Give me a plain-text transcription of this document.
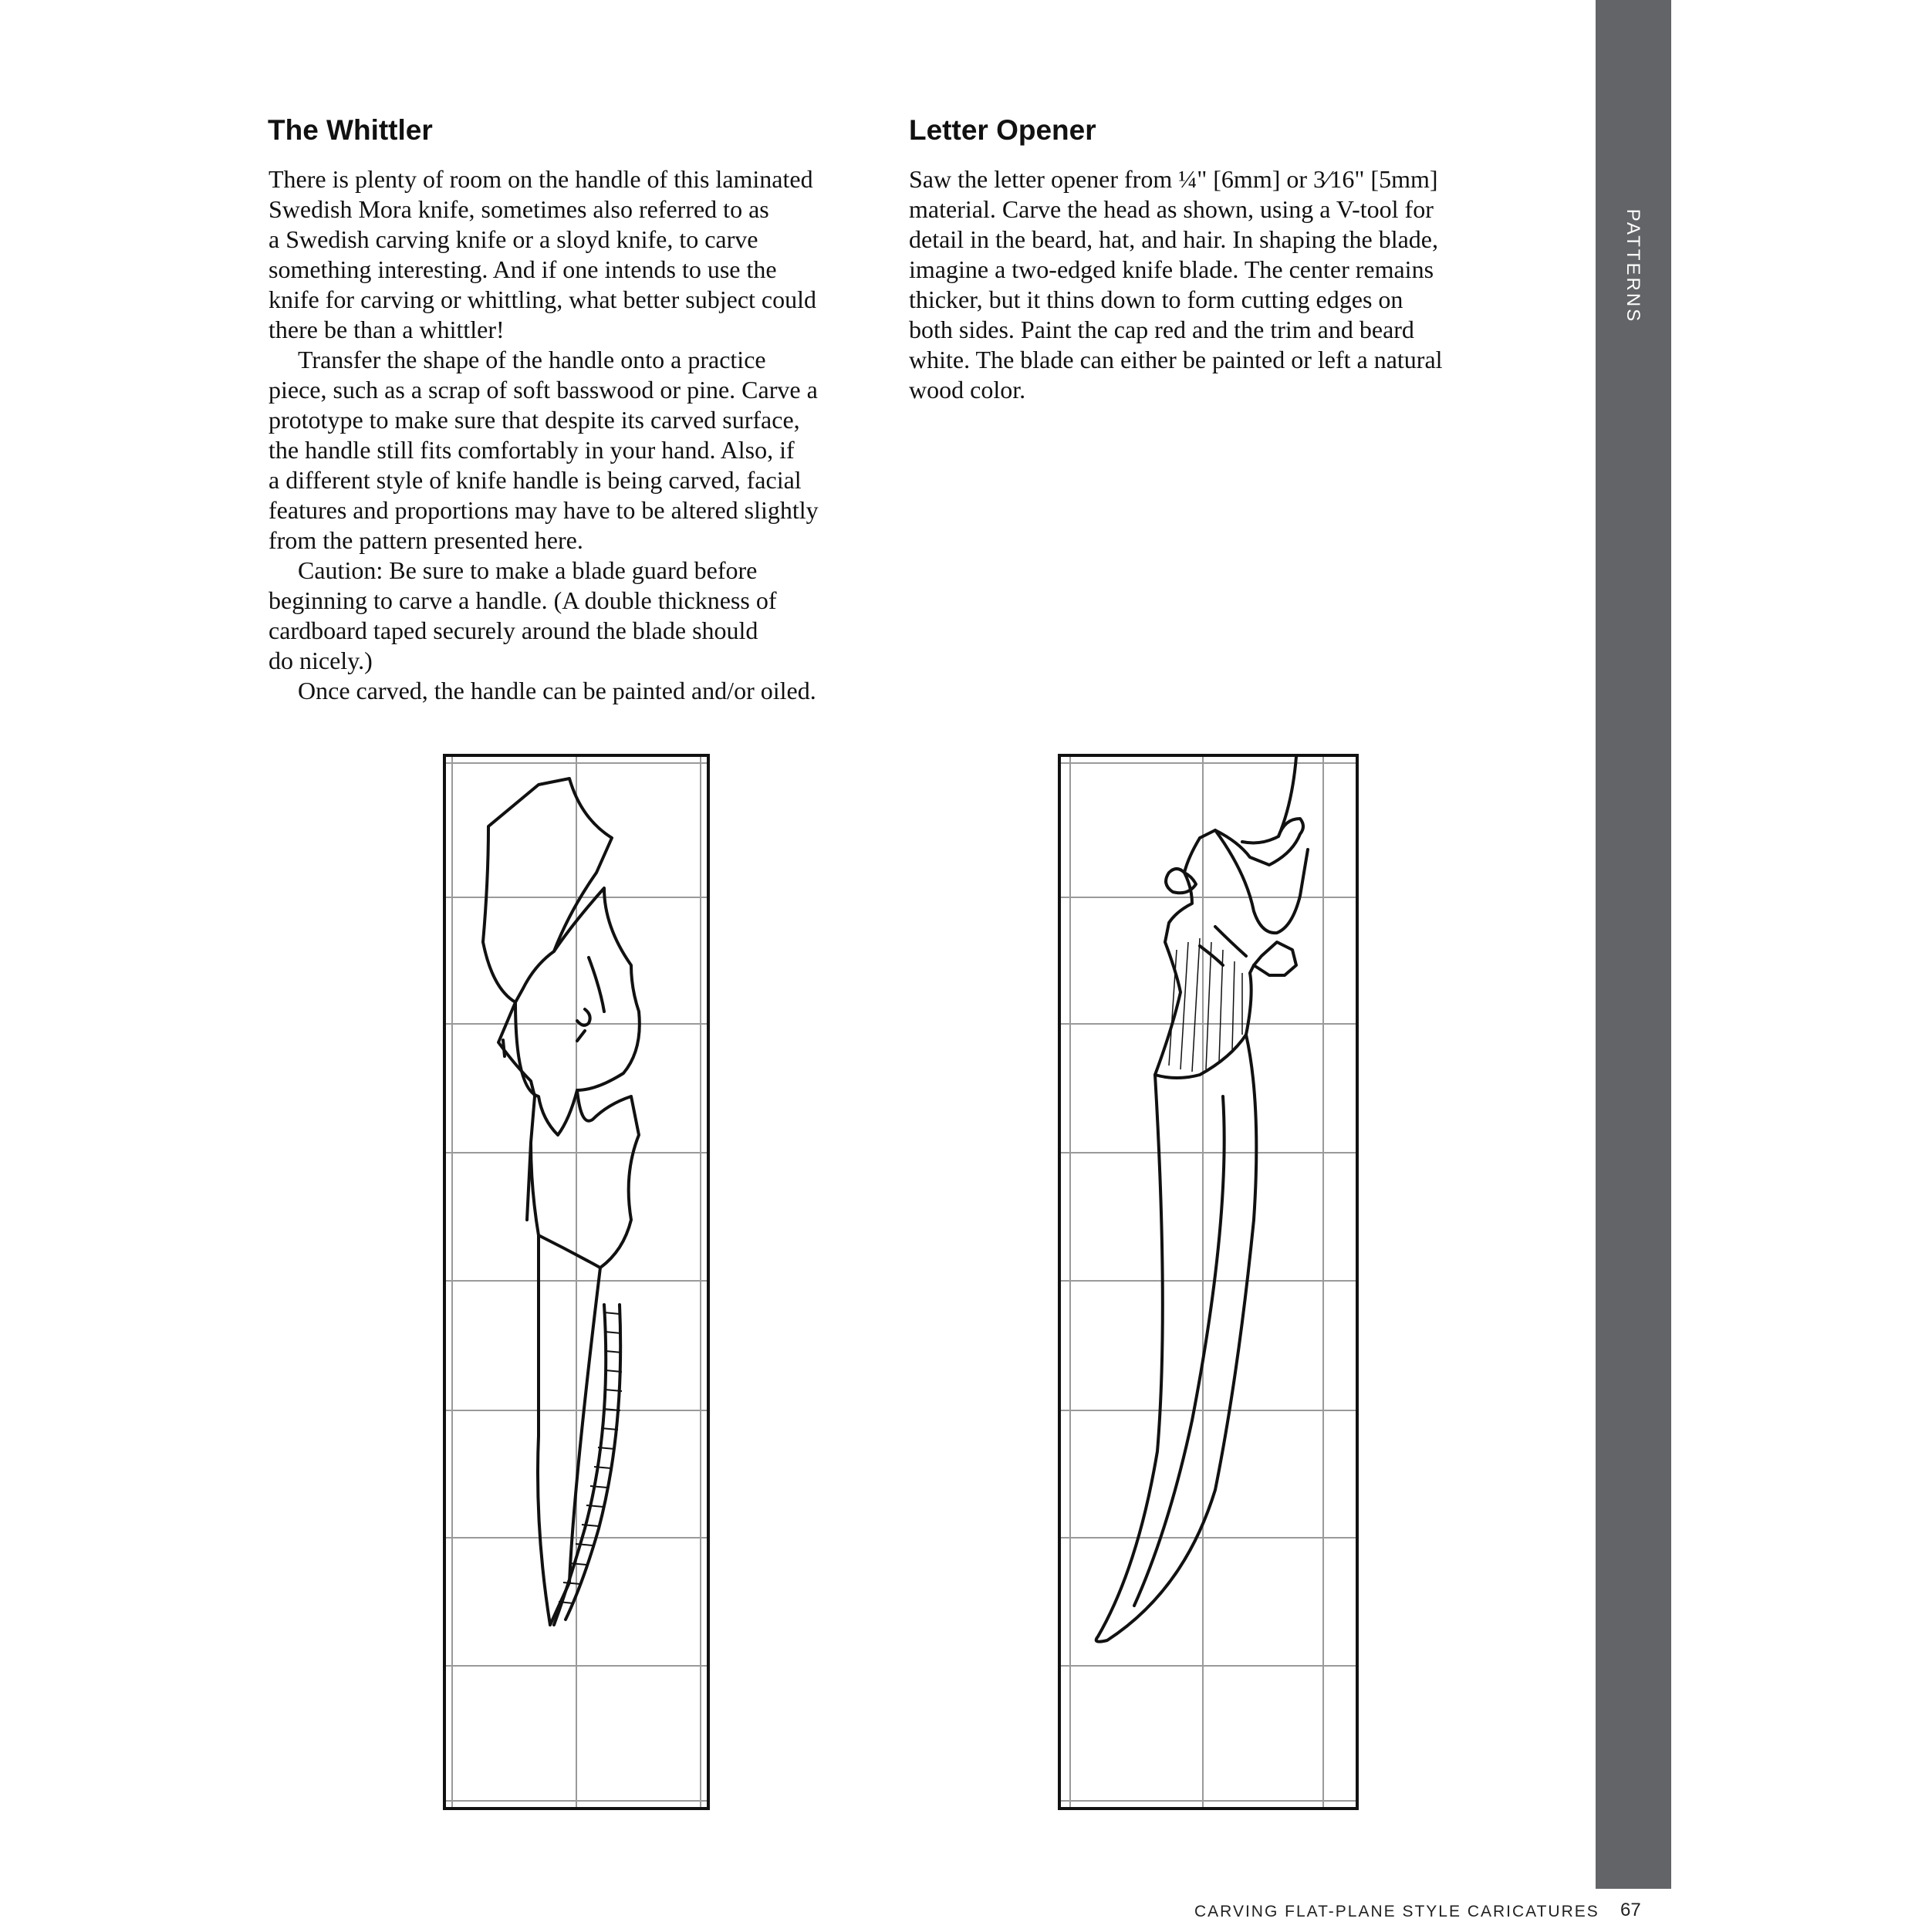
PATTERNS
The Whittler

There is plenty of room on the handle of this laminated

Swedish Mora knife, sometimes also referred to as

a Swedish carving knife or a sloyd knife, to carve

something interesting. And if one intends to use the

knife for carving or whittling, what better subject could

there be than a whittler!

Transfer the shape of the handle onto a practice

piece, such as a scrap of soft basswood or pine. Carve a

prototype to make sure that despite its carved surface,

the handle still fits comfortably in your hand. Also, if

a different style of knife handle is being carved, facial

features and proportions may have to be altered slightly

from the pattern presented here.

Caution: Be sure to make a blade guard before

beginning to carve a handle. (A double thickness of

cardboard taped securely around the blade should

do nicely.)

Once carved, the handle can be painted and/or oiled.

Letter Opener

Saw the letter opener from ¼" [6mm] or 3⁄16" [5mm]

material. Carve the head as shown, using a V-tool for

detail in the beard, hat, and hair. In shaping the blade,

imagine a two-edged knife blade. The center remains

thicker, but it thins down to form cutting edges on

both sides. Paint the cap red and the trim and beard

white. The blade can either be painted or left a natural

wood color.

CARVING FLAT-PLANE STYLE CARICATURES 67
